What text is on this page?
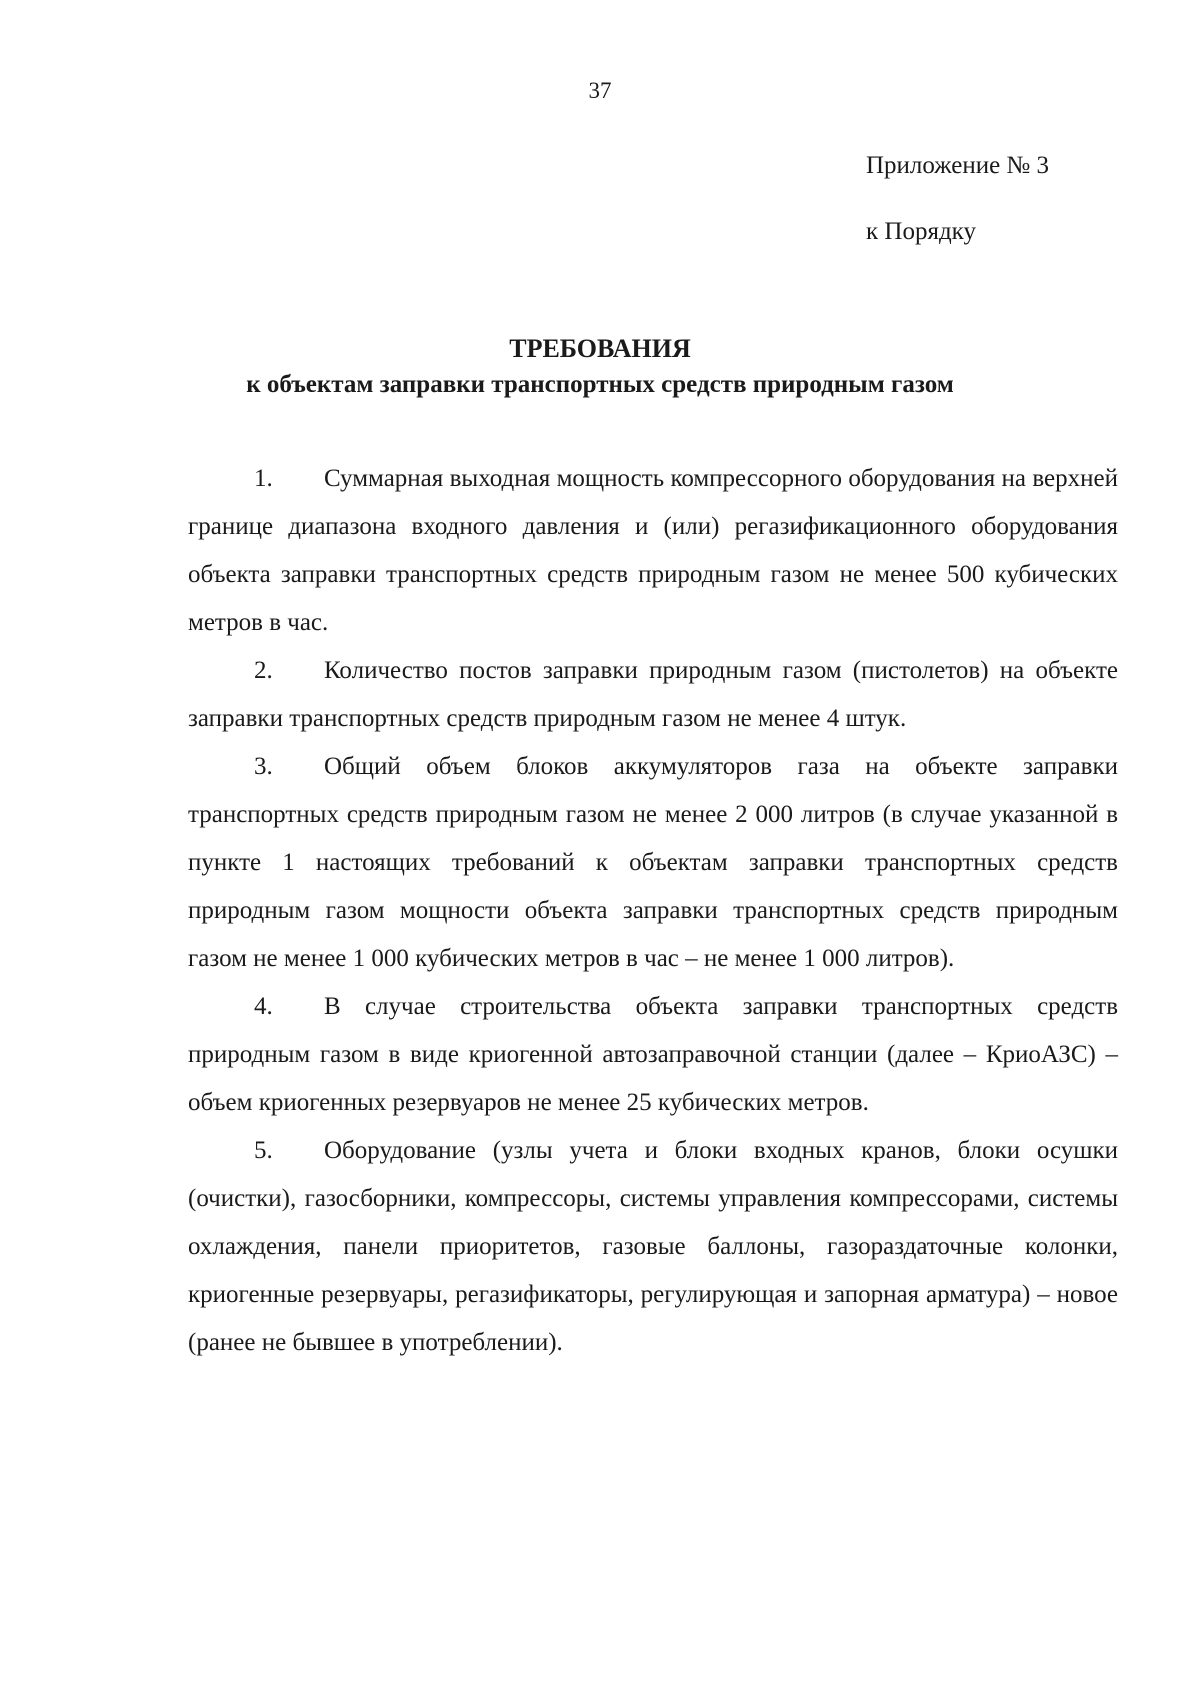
37
Приложение № 3
к Порядку
ТРЕБОВАНИЯ
к объектам заправки транспортных средств природным газом

1. Суммарная выходная мощность компрессорного оборудования на верхней границе диапазона входного давления и (или) регазификационного оборудования объекта заправки транспортных средств природным газом не менее 500 кубических метров в час.

2. Количество постов заправки природным газом (пистолетов) на объекте заправки транспортных средств природным газом не менее 4 штук.

3. Общий объем блоков аккумуляторов газа на объекте заправки транспортных средств природным газом не менее 2 000 литров (в случае указанной в пункте 1 настоящих требований к объектам заправки транспортных средств природным газом мощности объекта заправки транспортных средств природным газом не менее 1 000 кубических метров в час – не менее 1 000 литров).

4. В случае строительства объекта заправки транспортных средств природным газом в виде криогенной автозаправочной станции (далее – КриоАЗС) – объем криогенных резервуаров не менее 25 кубических метров.

5. Оборудование (узлы учета и блоки входных кранов, блоки осушки (очистки), газосборники, компрессоры, системы управления компрессорами, системы охлаждения, панели приоритетов, газовые баллоны, газораздаточные колонки, криогенные резервуары, регазификаторы, регулирующая и запорная арматура) – новое (ранее не бывшее в употреблении).
